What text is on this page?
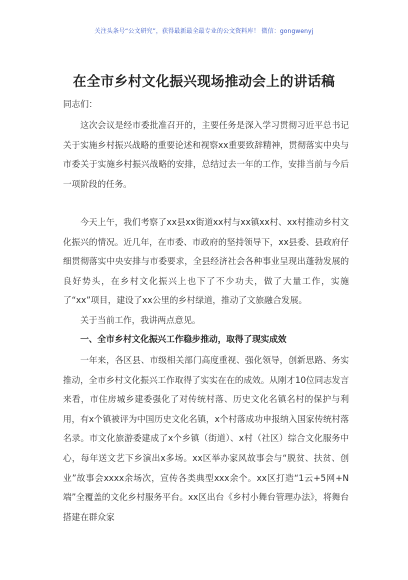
关注头条号“公文研究”，获得最新最全最专业的公文资料库！ 微信：gongwenyj
在全市乡村文化振兴现场推动会上的讲话稿
同志们：

这次会议是经市委批准召开的，主要任务是深入学习贯彻习近平总书记关于实施乡村振兴战略的重要论述和视察xx重要致辞精神，贯彻落实中央与市委关于实施乡村振兴战略的安排，总结过去一年的工作，安排当前与今后一项阶段的任务。

今天上午，我们考察了xx县xx街道xx村与xx镇xx村、xx村推动乡村文化振兴的情况。近几年，在市委、市政府的坚持领导下，xx县委、县政府仔细贯彻落实中央安排与市委要求，全县经济社会各种事业呈现出蓬勃发展的良好势头，在乡村文化振兴上也下了不少功夫，做了大量工作，实施了“xx”项目，建设了xx公里的乡村绿道，推动了文旅融合发展。

关于当前工作，我讲两点意见。

一、全市乡村文化振兴工作稳步推动，取得了现实成效

一年来，各区县、市级相关部门高度重视、强化领导，创新思路、务实推动，全市乡村文化振兴工作取得了实实在在的成效。从刚才10位同志发言来看，市住房城乡建委强化了对传统村落、历史文化名镇名村的保护与利用，有x个镇被评为中国历史文化名镇，x个村落成功申报纳入国家传统村落名录。市文化旅游委建成了x个乡镇（街道）、x村（社区）综合文化服务中心，每年送文艺下乡演出x多场。xx区举办家风故事会与“脱贫、扶贫、创业”故事会xxxx余场次，宣传各类典型xxx余个。xx区打造“1云+5网+N端”全覆盖的文化乡村服务平台。xx区出台《乡村小舞台管理办法》，将舞台搭建在群众家
